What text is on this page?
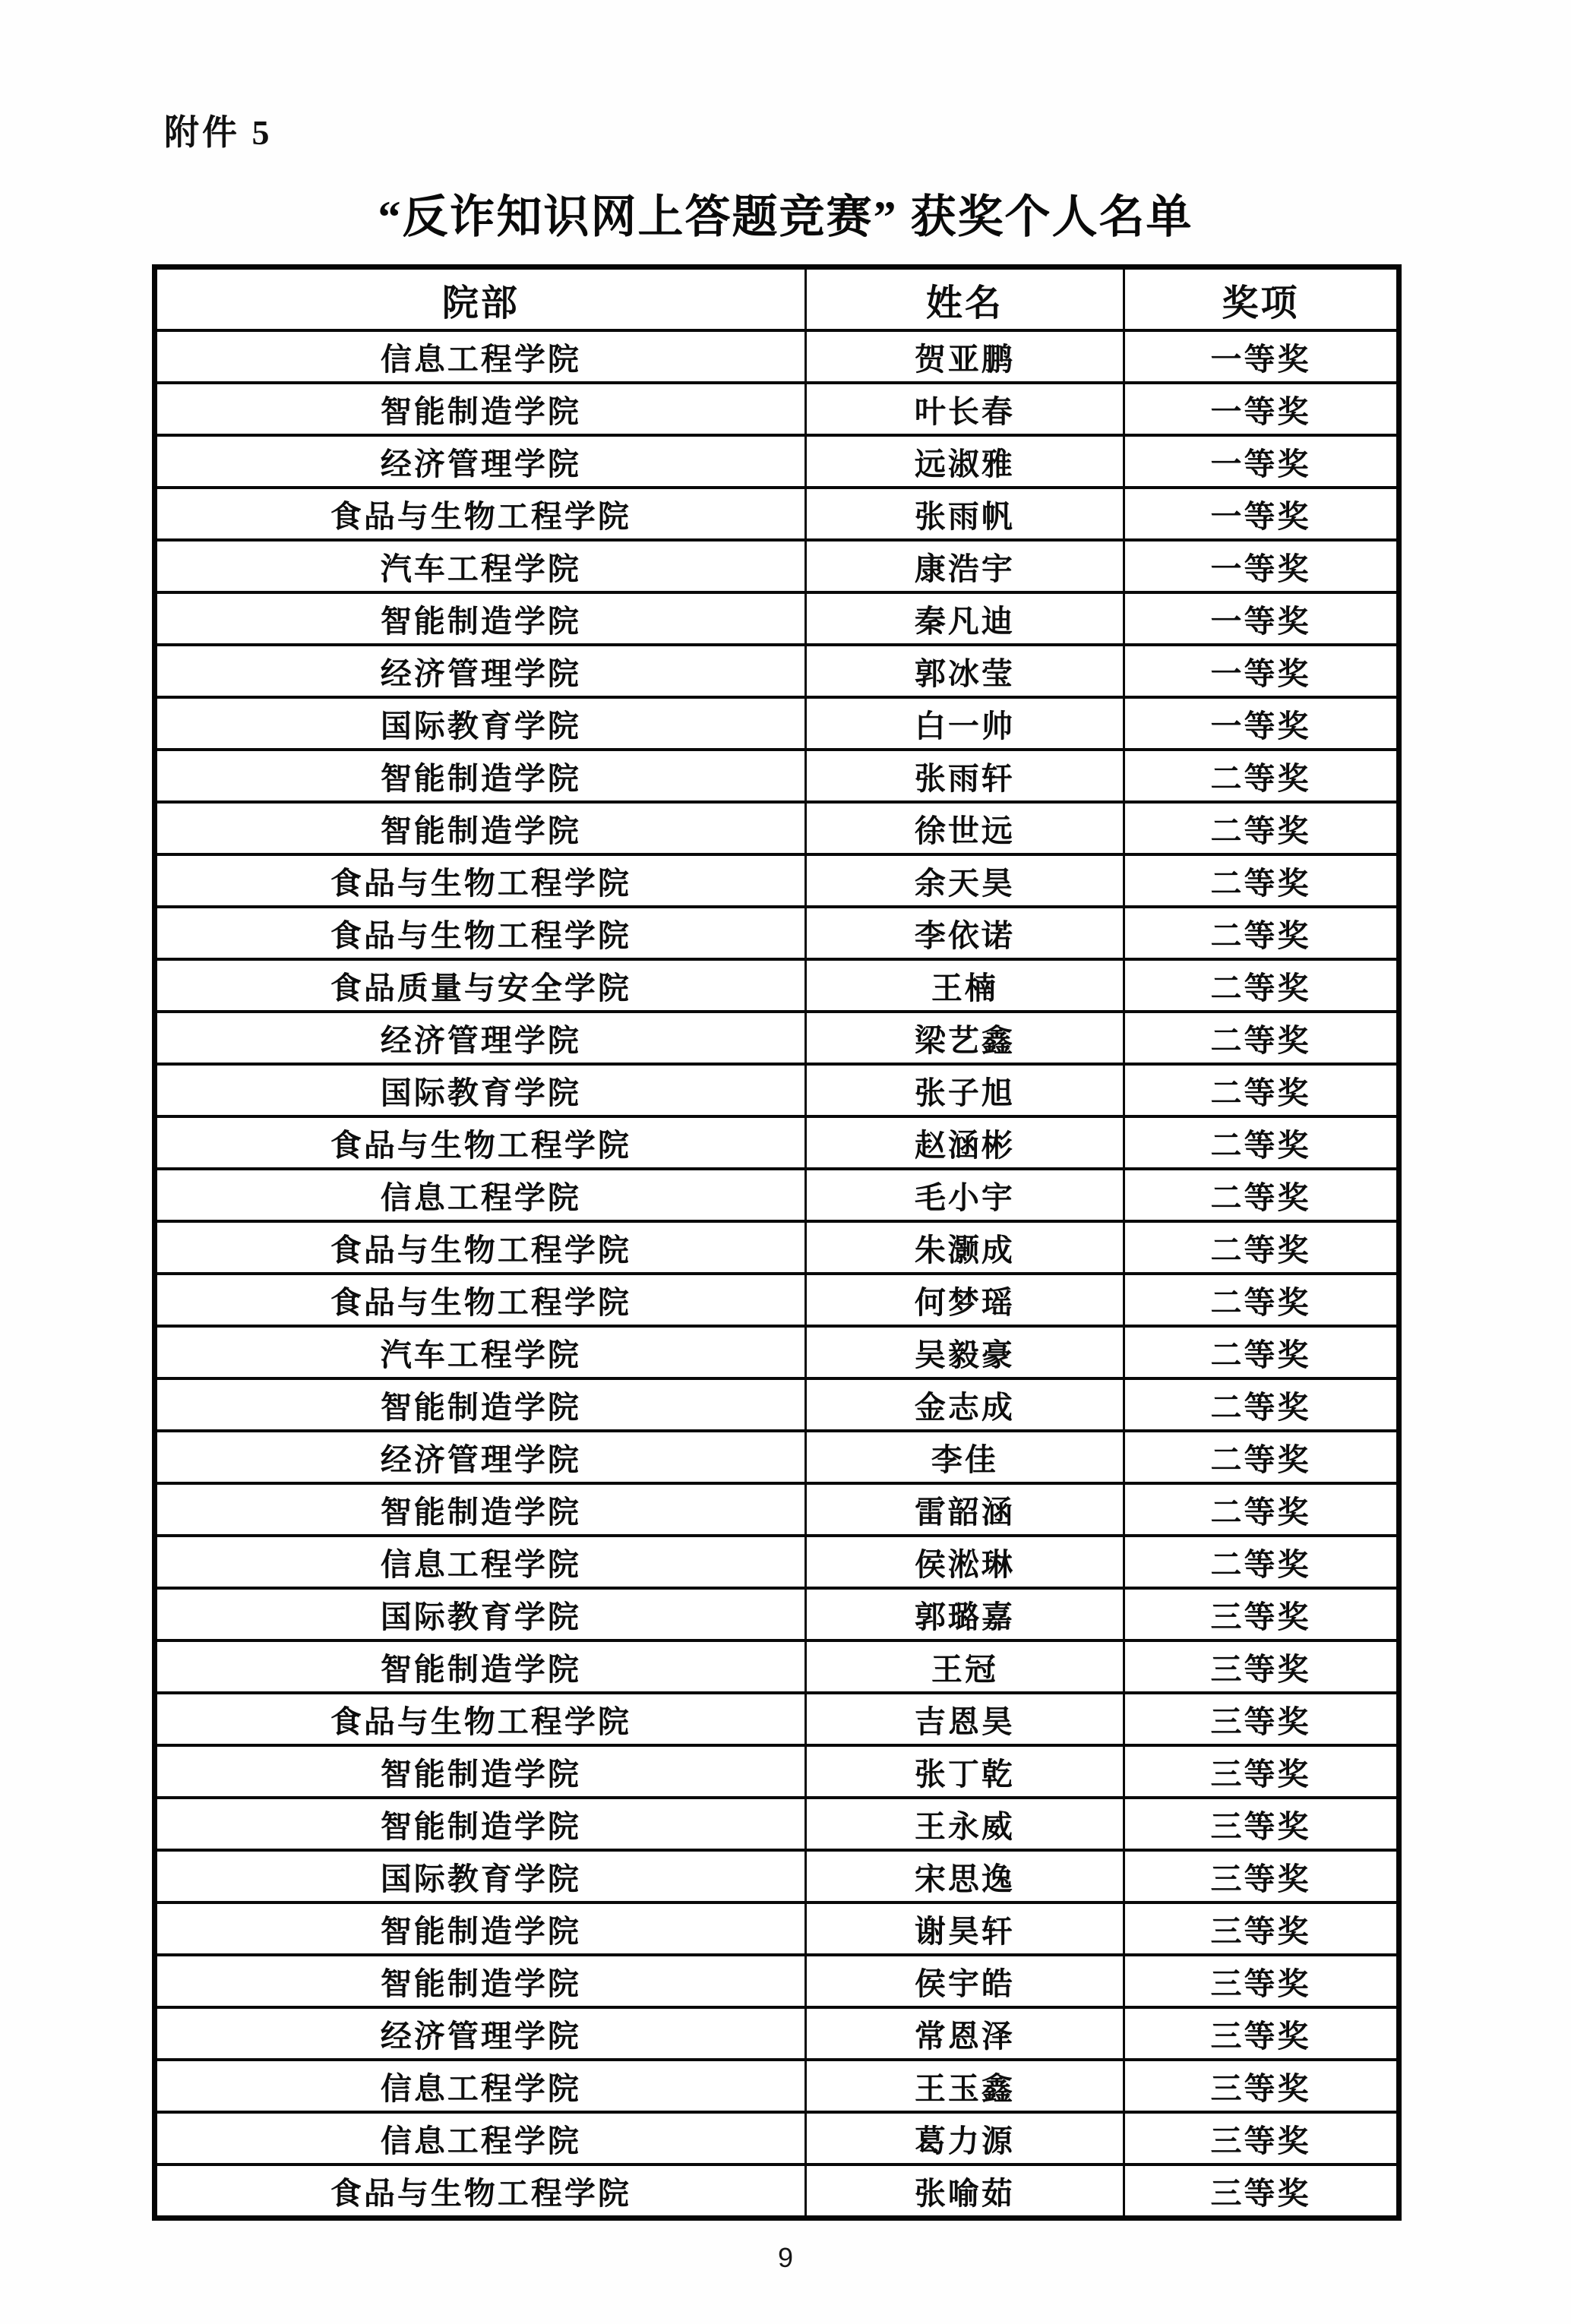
附件 5
“反诈知识网上答题竞赛” 获奖个人名单
院部	姓名	奖项
信息工程学院	贺亚鹏	一等奖
智能制造学院	叶长春	一等奖
经济管理学院	远淑雅	一等奖
食品与生物工程学院	张雨帆	一等奖
汽车工程学院	康浩宇	一等奖
智能制造学院	秦凡迪	一等奖
经济管理学院	郭冰莹	一等奖
国际教育学院	白一帅	一等奖
智能制造学院	张雨轩	二等奖
智能制造学院	徐世远	二等奖
食品与生物工程学院	余天昊	二等奖
食品与生物工程学院	李依诺	二等奖
食品质量与安全学院	王楠	二等奖
经济管理学院	梁艺鑫	二等奖
国际教育学院	张子旭	二等奖
食品与生物工程学院	赵涵彬	二等奖
信息工程学院	毛小宇	二等奖
食品与生物工程学院	朱灏成	二等奖
食品与生物工程学院	何梦瑶	二等奖
汽车工程学院	吴毅豪	二等奖
智能制造学院	金志成	二等奖
经济管理学院	李佳	二等奖
智能制造学院	雷韶涵	二等奖
信息工程学院	侯淞琳	二等奖
国际教育学院	郭璐嘉	三等奖
智能制造学院	王冠	三等奖
食品与生物工程学院	吉恩昊	三等奖
智能制造学院	张丁乾	三等奖
智能制造学院	王永威	三等奖
国际教育学院	宋思逸	三等奖
智能制造学院	谢昊轩	三等奖
智能制造学院	侯宇皓	三等奖
经济管理学院	常恩泽	三等奖
信息工程学院	王玉鑫	三等奖
信息工程学院	葛力源	三等奖
食品与生物工程学院	张喻茹	三等奖
9
